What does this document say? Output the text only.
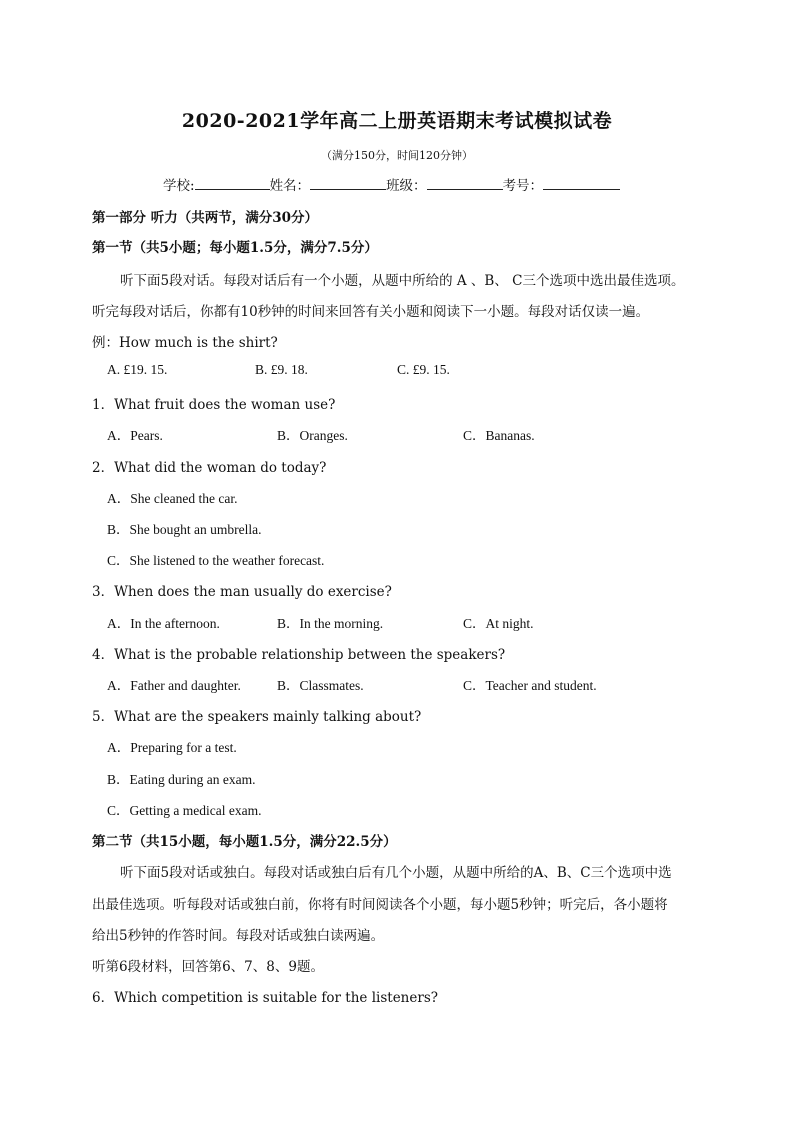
2020-2021学年高二上册英语期末考试模拟试卷
（满分150分，时间120分钟）
学校:	姓名：	班级：	考号：
第一部分 听力（共两节，满分30分）
第一节（共5小题；每小题1.5分，满分7.5分）
听下面5段对话。每段对话后有一个小题，从题中所给的 A 、B、 C三个选项中选出最佳选项。
听完每段对话后，你都有10秒钟的时间来回答有关小题和阅读下一小题。每段对话仅读一遍。
例：How much is the shirt?
A. £19. 15.	B. £9. 18.	C. £9. 15.
1．What fruit does the woman use?
A．Pears.	B．Oranges.	C．Bananas.
2．What did the woman do today?
A．She cleaned the car.
B．She bought an umbrella.
C．She listened to the weather forecast.
3．When does the man usually do exercise?
A．In the afternoon.	B．In the morning.	C．At night.
4．What is the probable relationship between the speakers?
A．Father and daughter.	B．Classmates.	C．Teacher and student.
5．What are the speakers mainly talking about?
A．Preparing for a test.
B．Eating during an exam.
C．Getting a medical exam.
第二节（共15小题，每小题1.5分，满分22.5分）
听下面5段对话或独白。每段对话或独白后有几个小题，从题中所给的A、B、C三个选项中选
出最佳选项。听每段对话或独白前，你将有时间阅读各个小题，每小题5秒钟；听完后，各小题将
给出5秒钟的作答时间。每段对话或独白读两遍。
听第6段材料，回答第6、7、8、9题。
6．Which competition is suitable for the listeners?
